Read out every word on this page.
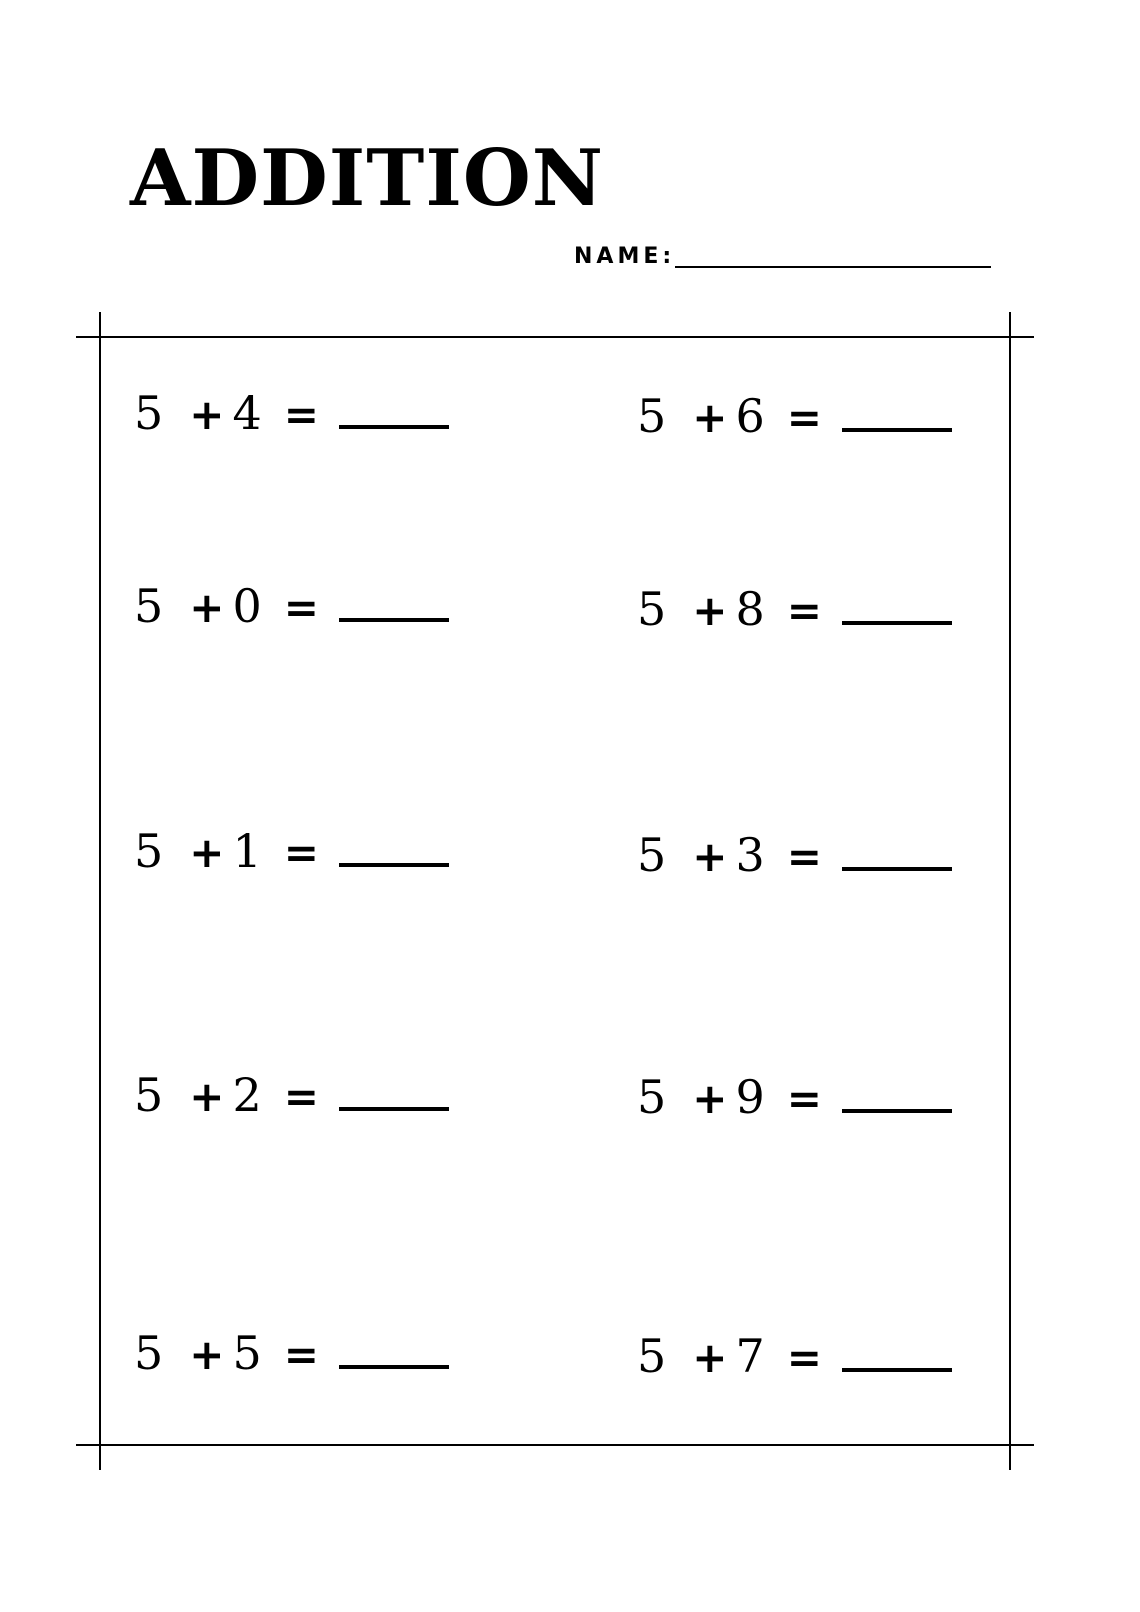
ADDITION
NAME:
5 + 4 =
5 + 0 =
5 + 1 =
5 + 2 =
5 + 5 =
5 + 6 =
5 + 8 =
5 + 3 =
5 + 9 =
5 + 7 =
